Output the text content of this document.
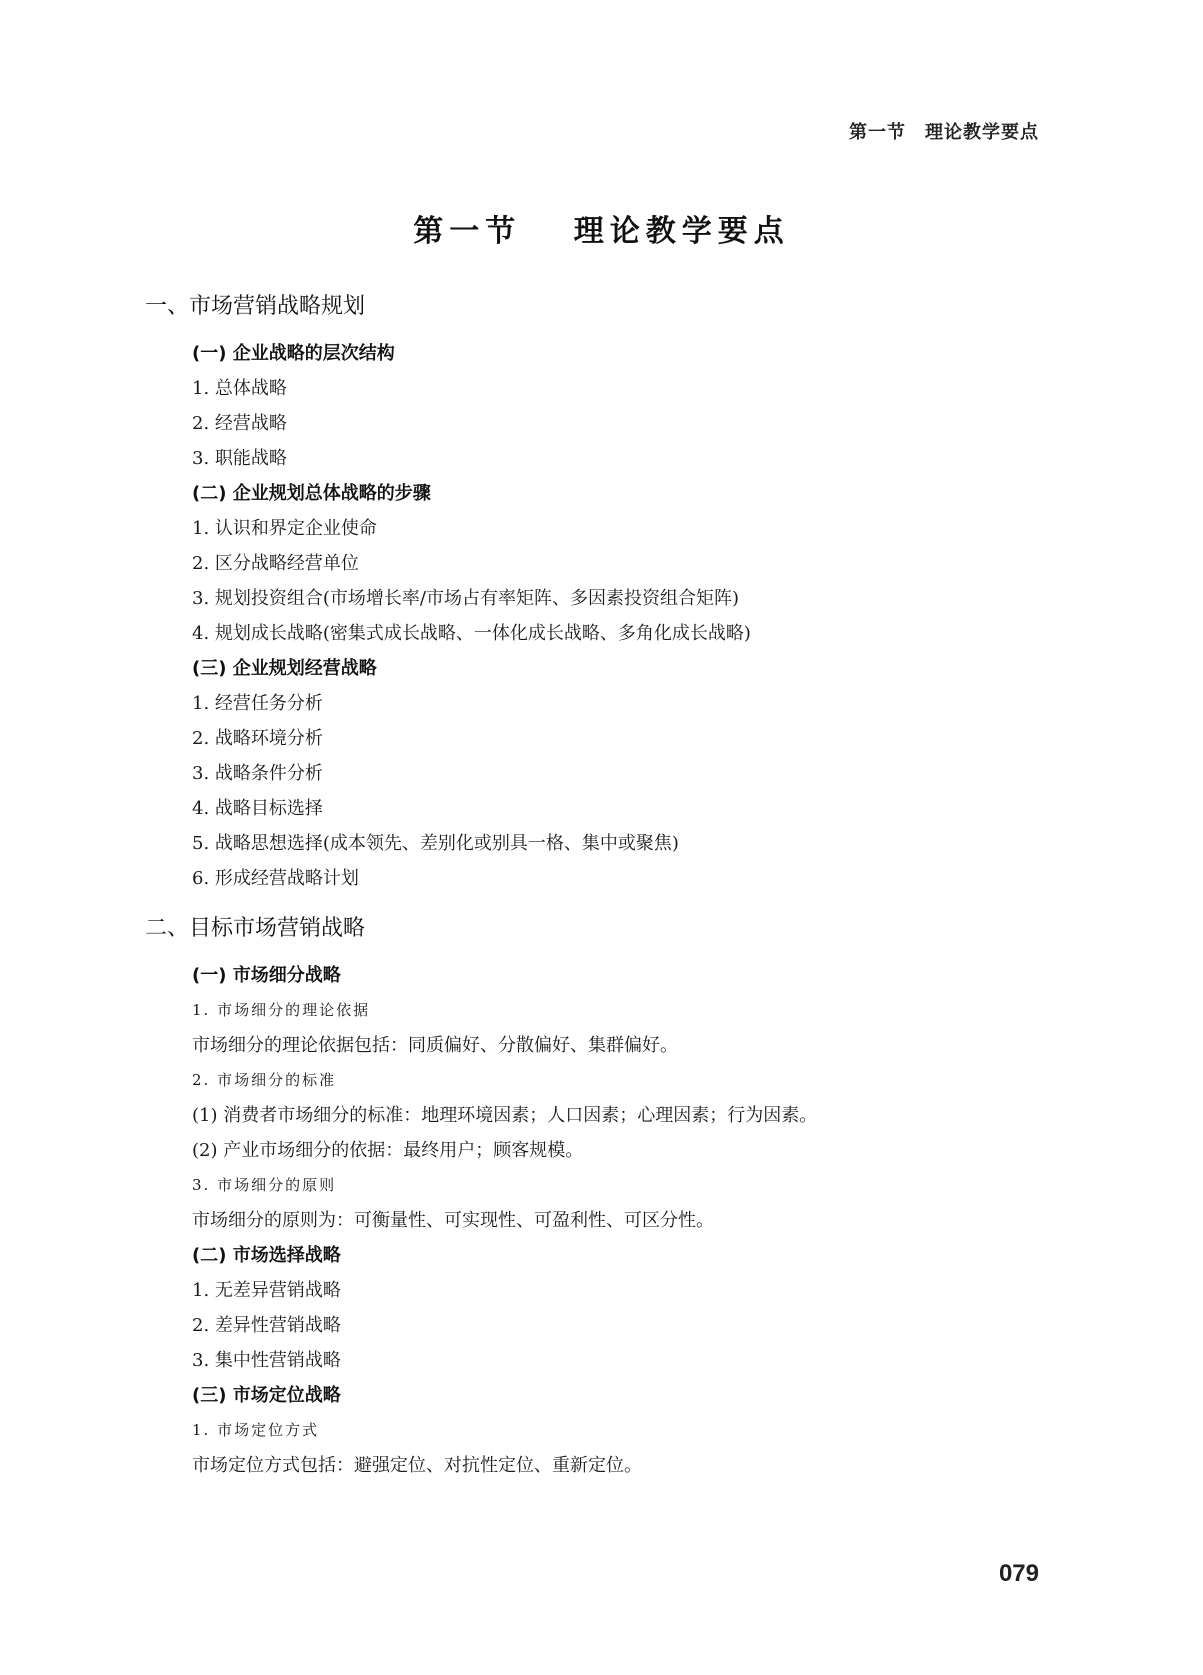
第一节　理论教学要点
第一节　 理论教学要点
一、市场营销战略规划
(一) 企业战略的层次结构
1. 总体战略
2. 经营战略
3. 职能战略
(二) 企业规划总体战略的步骤
1. 认识和界定企业使命
2. 区分战略经营单位
3. 规划投资组合(市场增长率/市场占有率矩阵、多因素投资组合矩阵)
4. 规划成长战略(密集式成长战略、一体化成长战略、多角化成长战略)
(三) 企业规划经营战略
1. 经营任务分析
2. 战略环境分析
3. 战略条件分析
4. 战略目标选择
5. 战略思想选择(成本领先、差别化或别具一格、集中或聚焦)
6. 形成经营战略计划
二、目标市场营销战略
(一) 市场细分战略
1. 市场细分的理论依据
市场细分的理论依据包括：同质偏好、分散偏好、集群偏好。
2. 市场细分的标准
(1) 消费者市场细分的标准：地理环境因素；人口因素；心理因素；行为因素。
(2) 产业市场细分的依据：最终用户；顾客规模。
3. 市场细分的原则
市场细分的原则为：可衡量性、可实现性、可盈利性、可区分性。
(二) 市场选择战略
1. 无差异营销战略
2. 差异性营销战略
3. 集中性营销战略
(三) 市场定位战略
1. 市场定位方式
市场定位方式包括：避强定位、对抗性定位、重新定位。
079
